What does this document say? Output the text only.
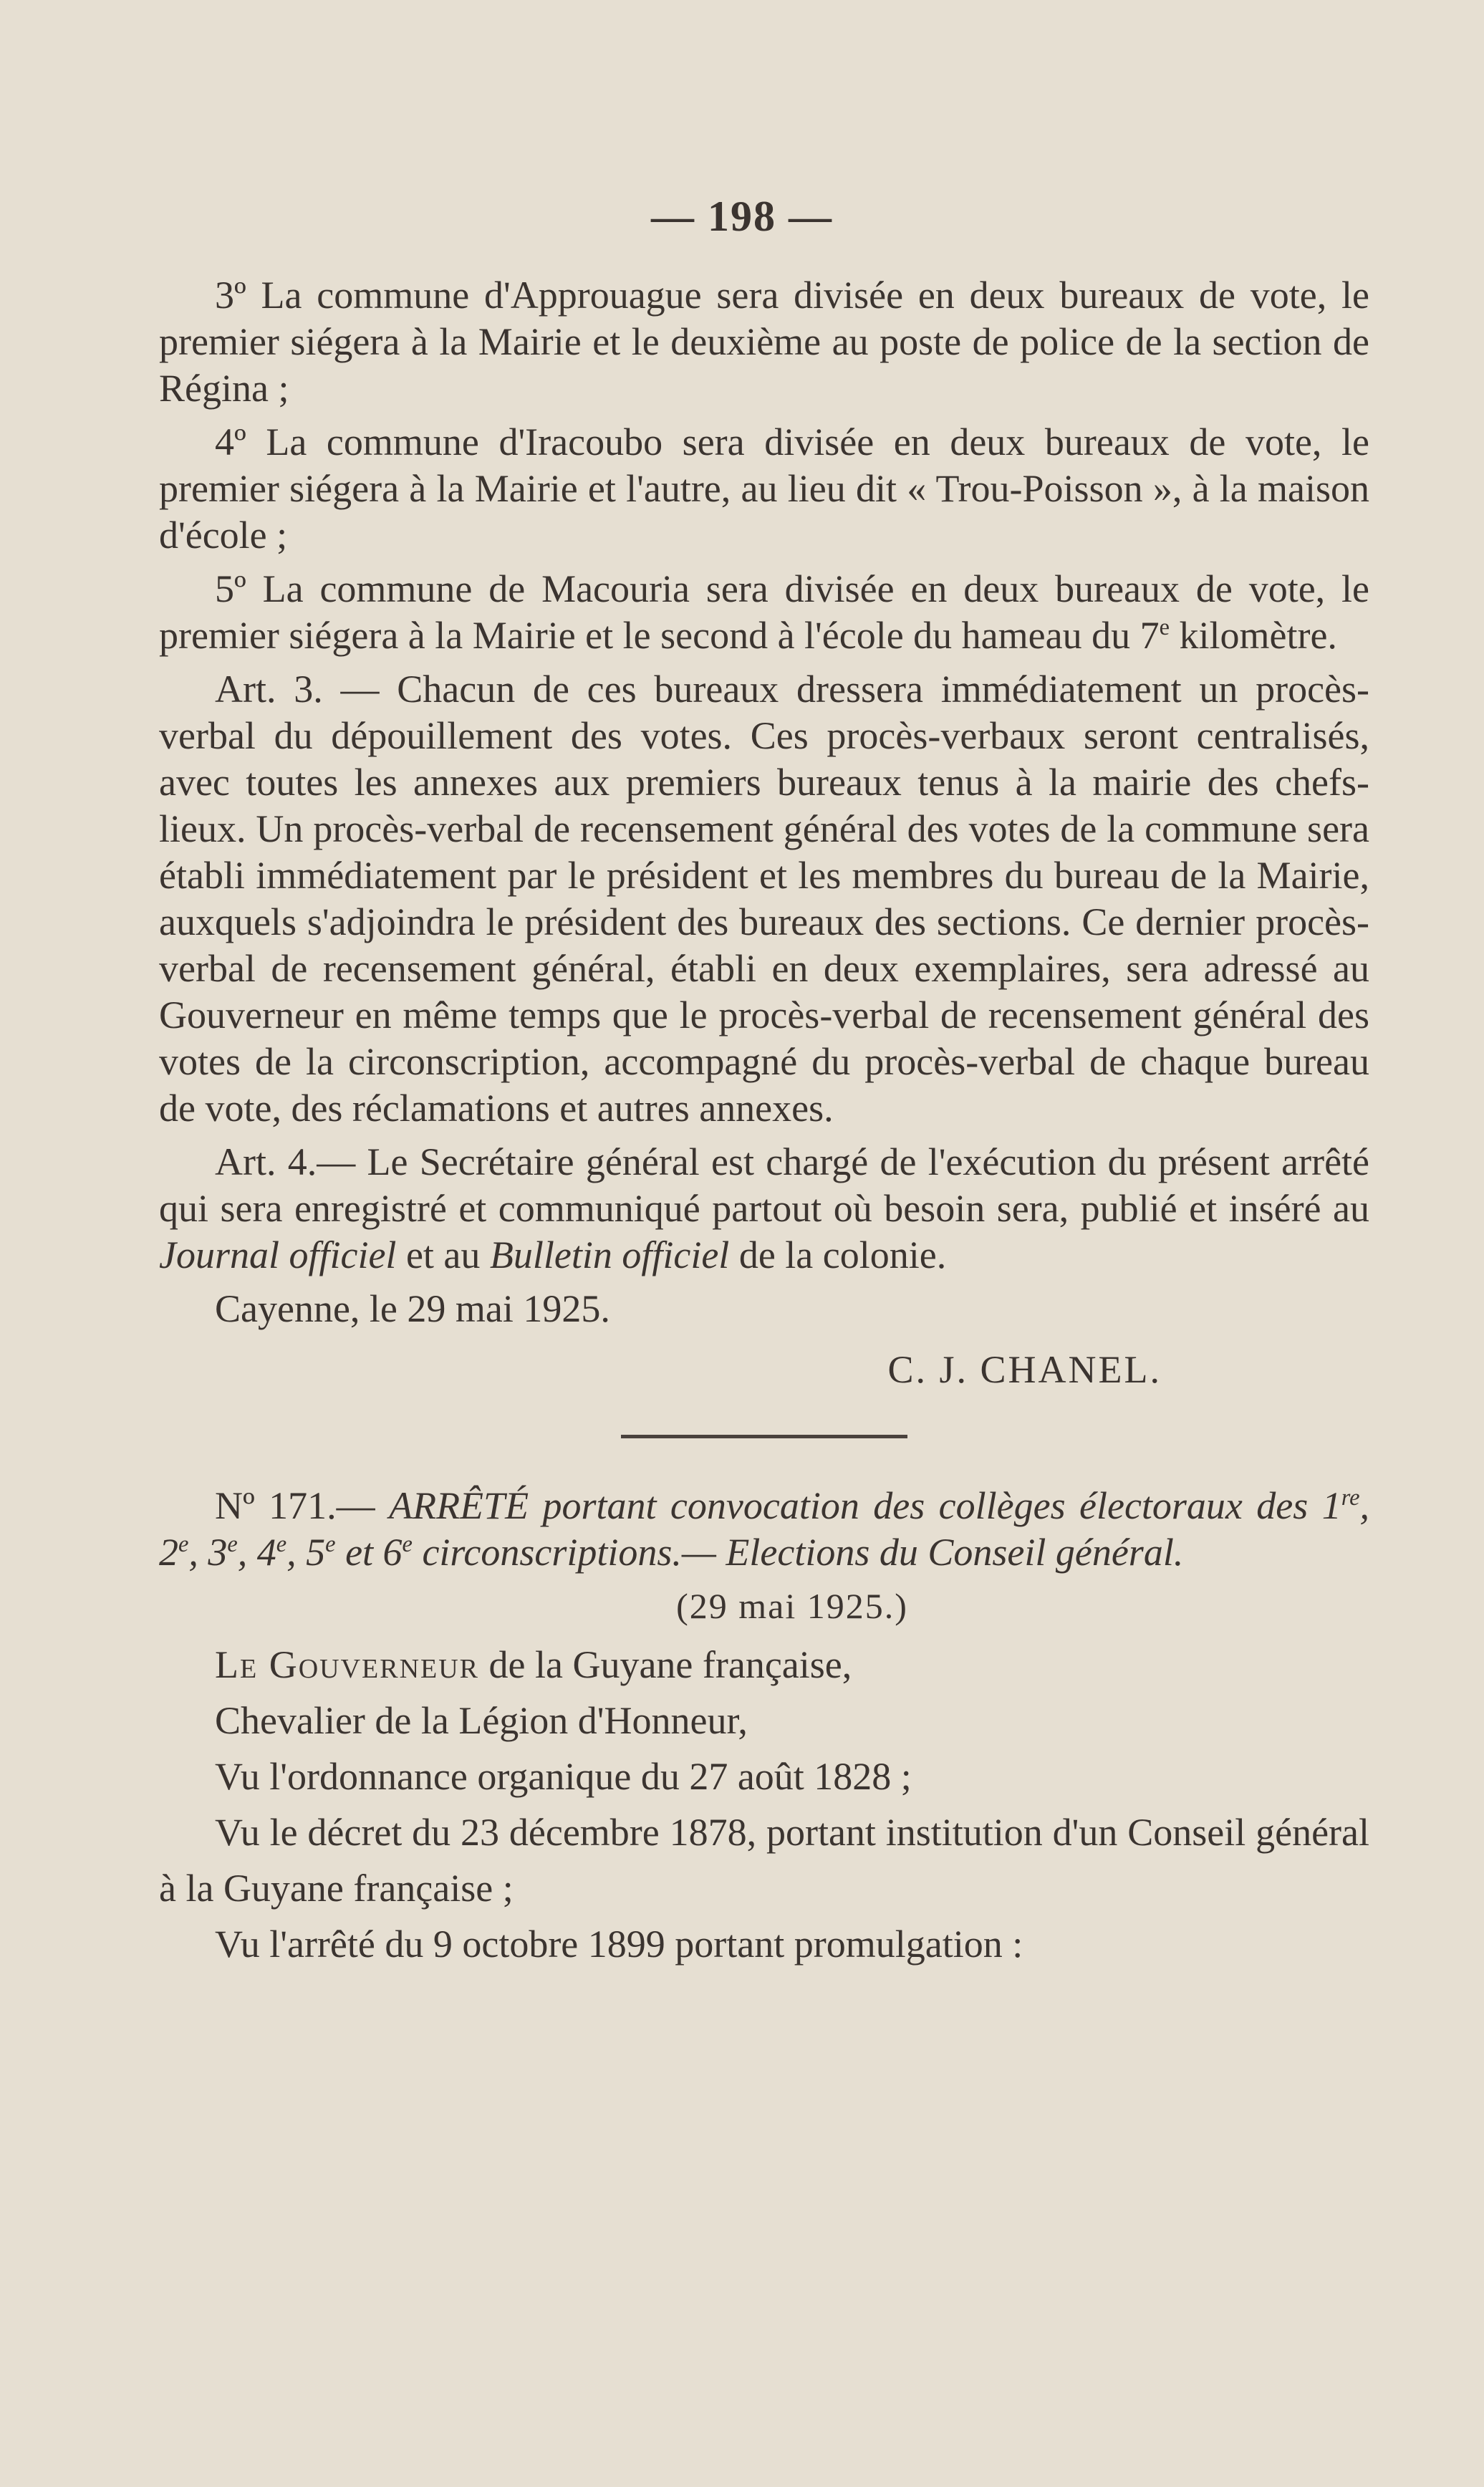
— 198 —

3º La commune d'Approuague sera divisée en deux bureaux de vote, le premier siégera à la Mairie et le deuxième au poste de police de la section de Régina ;

4º La commune d'Iracoubo sera divisée en deux bureaux de vote, le premier siégera à la Mairie et l'autre, au lieu dit « Trou-Poisson », à la maison d'école ;

5º La commune de Macouria sera divisée en deux bureaux de vote, le premier siégera à la Mairie et le second à l'école du hameau du 7e kilomètre.

Art. 3. — Chacun de ces bureaux dressera immédiatement un procès-verbal du dépouillement des votes. Ces procès-verbaux seront centralisés, avec toutes les annexes aux premiers bureaux tenus à la mairie des chefs-lieux. Un procès-verbal de recensement général des votes de la commune sera établi immédiatement par le président et les membres du bureau de la Mairie, auxquels s'adjoindra le président des bureaux des sections. Ce dernier procès-verbal de recensement général, établi en deux exemplaires, sera adressé au Gouverneur en même temps que le procès-verbal de recensement général des votes de la circonscription, accompagné du procès-verbal de chaque bureau de vote, des réclamations et autres annexes.

Art. 4.— Le Secrétaire général est chargé de l'exécution du présent arrêté qui sera enregistré et communiqué partout où besoin sera, publié et inséré au Journal officiel et au Bulletin officiel de la colonie.

Cayenne, le 29 mai 1925.

C. J. CHANEL.

Nº 171.— ARRÊTÉ portant convocation des collèges électoraux des 1re, 2e, 3e, 4e, 5e et 6e circonscriptions.— Elections du Conseil général.

(29 mai 1925.)

Le Gouverneur de la Guyane française,

Chevalier de la Légion d'Honneur,

Vu l'ordonnance organique du 27 août 1828 ;

Vu le décret du 23 décembre 1878, portant institution d'un Conseil général à la Guyane française ;

Vu l'arrêté du 9 octobre 1899 portant promulgation :
